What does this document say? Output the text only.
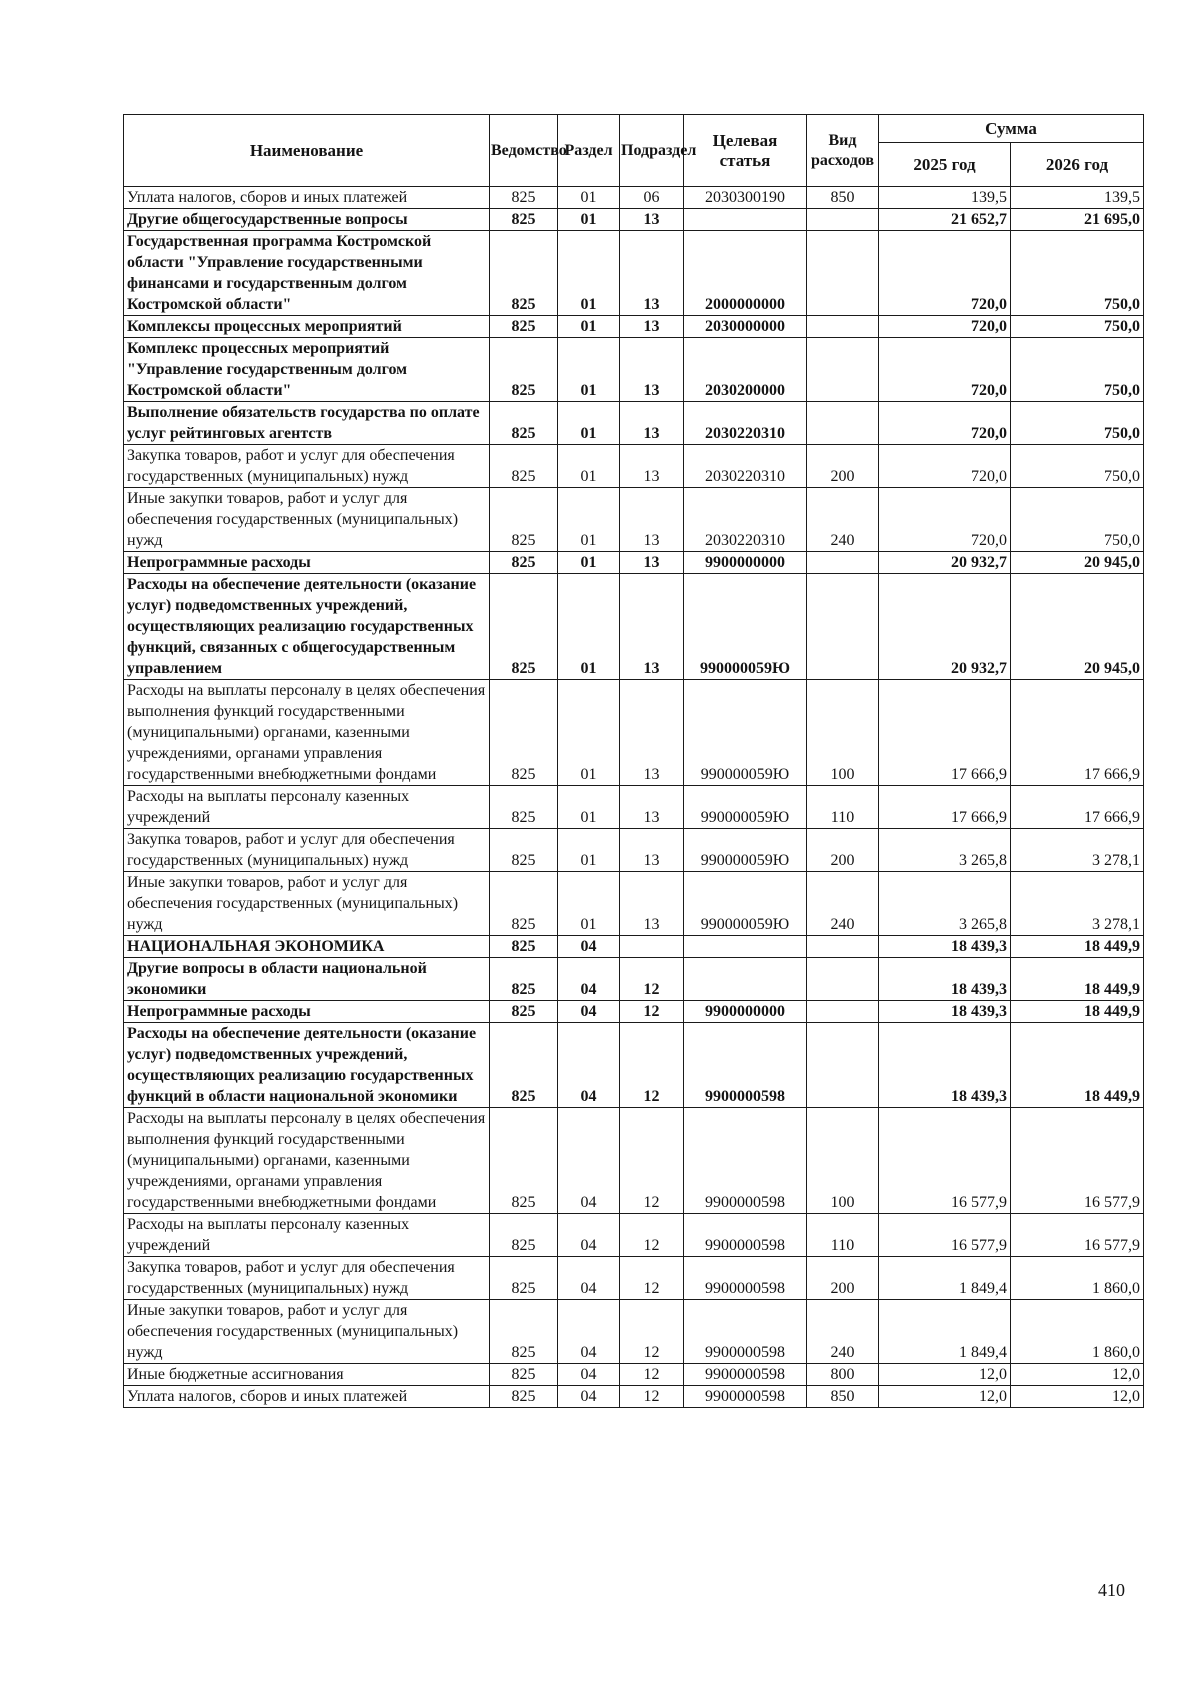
Наименование	Ведомство	Раздел	Подраздел	Целевая статья	Вид расходов	Сумма	
						2025 год	2026 год
Уплата налогов, сборов и иных платежей	825	01	06	2030300190	850	139,5	139,5
Другие общегосударственные вопросы	825	01	13			21 652,7	21 695,0
Государственная программа Костромской области "Управление государственными финансами и государственным долгом Костромской области"	825	01	13	2000000000		720,0	750,0
Комплексы процессных мероприятий	825	01	13	2030000000		720,0	750,0
Комплекс процессных мероприятий "Управление государственным долгом Костромской области"	825	01	13	2030200000		720,0	750,0
Выполнение обязательств государства по оплате услуг рейтинговых агентств	825	01	13	2030220310		720,0	750,0
Закупка товаров, работ и услуг для обеспечения государственных (муниципальных) нужд	825	01	13	2030220310	200	720,0	750,0
Иные закупки товаров, работ и услуг для обеспечения государственных (муниципальных) нужд	825	01	13	2030220310	240	720,0	750,0
Непрограммные расходы	825	01	13	9900000000		20 932,7	20 945,0
Расходы на обеспечение деятельности (оказание услуг) подведомственных учреждений, осуществляющих реализацию государственных функций, связанных с общегосударственным управлением	825	01	13	990000059Ю		20 932,7	20 945,0
Расходы на выплаты персоналу в целях обеспечения выполнения функций государственными (муниципальными) органами, казенными учреждениями, органами управления государственными внебюджетными фондами	825	01	13	990000059Ю	100	17 666,9	17 666,9
Расходы на выплаты персоналу казенных учреждений	825	01	13	990000059Ю	110	17 666,9	17 666,9
Закупка товаров, работ и услуг для обеспечения государственных (муниципальных) нужд	825	01	13	990000059Ю	200	3 265,8	3 278,1
Иные закупки товаров, работ и услуг для обеспечения государственных (муниципальных) нужд	825	01	13	990000059Ю	240	3 265,8	3 278,1
НАЦИОНАЛЬНАЯ ЭКОНОМИКА	825	04				18 439,3	18 449,9
Другие вопросы в области национальной экономики	825	04	12			18 439,3	18 449,9
Непрограммные расходы	825	04	12	9900000000		18 439,3	18 449,9
Расходы на обеспечение деятельности (оказание услуг) подведомственных учреждений, осуществляющих реализацию государственных функций в области национальной экономики	825	04	12	9900000598		18 439,3	18 449,9
Расходы на выплаты персоналу в целях обеспечения выполнения функций государственными (муниципальными) органами, казенными учреждениями, органами управления государственными внебюджетными фондами	825	04	12	9900000598	100	16 577,9	16 577,9
Расходы на выплаты персоналу казенных учреждений	825	04	12	9900000598	110	16 577,9	16 577,9
Закупка товаров, работ и услуг для обеспечения государственных (муниципальных) нужд	825	04	12	9900000598	200	1 849,4	1 860,0
Иные закупки товаров, работ и услуг для обеспечения государственных (муниципальных) нужд	825	04	12	9900000598	240	1 849,4	1 860,0
Иные бюджетные ассигнования	825	04	12	9900000598	800	12,0	12,0
Уплата налогов, сборов и иных платежей	825	04	12	9900000598	850	12,0	12,0
410
